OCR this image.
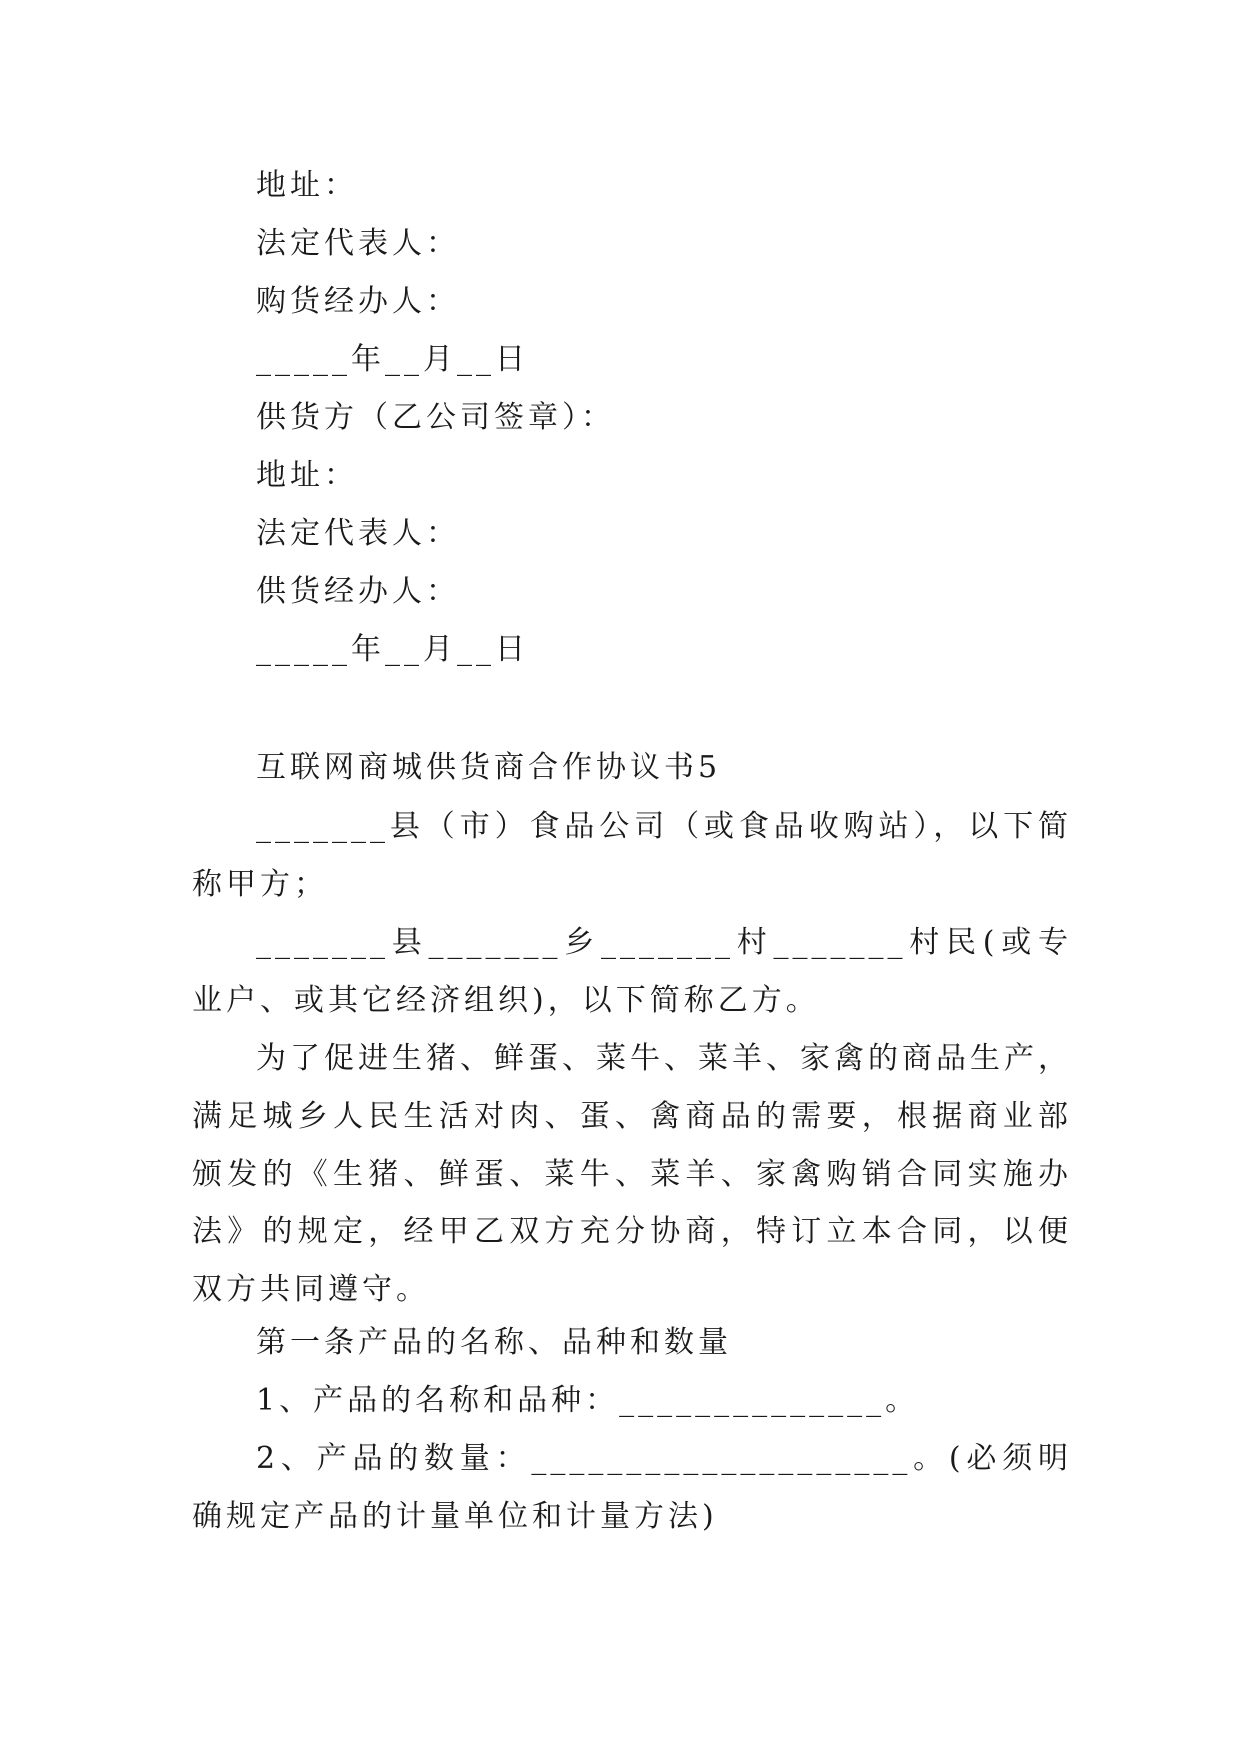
地址：
法定代表人：
购货经办人：
_____年__月__日
供货方（乙公司签章）：
地址：
法定代表人：
供货经办人：
_____年__月__日
互联网商城供货商合作协议书5
_______县（市）食品公司（或食品收购站），以下简称甲方；
_______县_______乡_______村_______村民(或专业户、或其它经济组织)，以下简称乙方。
为了促进生猪、鲜蛋、菜牛、菜羊、家禽的商品生产，满足城乡人民生活对肉、蛋、禽商品的需要，根据商业部颁发的《生猪、鲜蛋、菜牛、菜羊、家禽购销合同实施办法》的规定，经甲乙双方充分协商，特订立本合同，以便双方共同遵守。
第一条产品的名称、品种和数量
1、产品的名称和品种：______________。
2、产品的数量：____________________。(必须明确规定产品的计量单位和计量方法)
